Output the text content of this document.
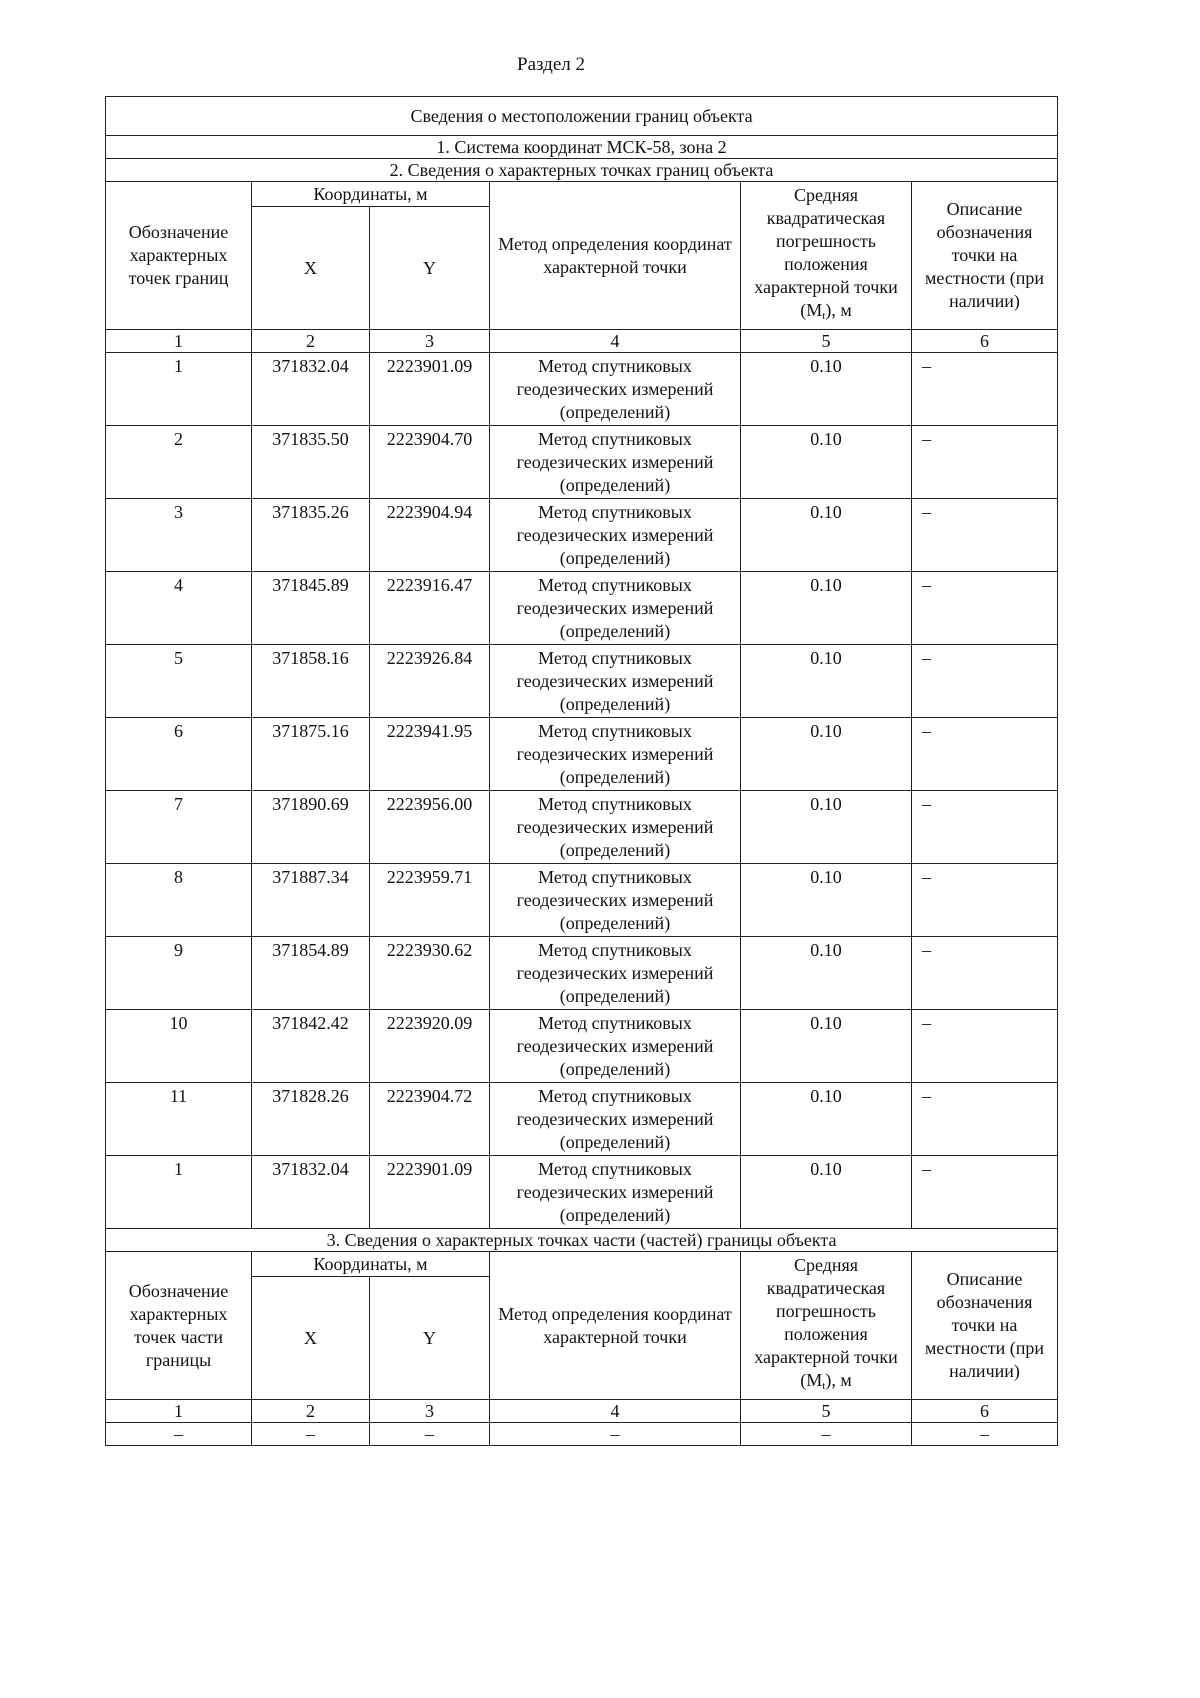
Раздел 2
Сведения о местоположении границ объекта					
1. Система координат МСК-58, зона 2					
2. Сведения о характерных точках границ объекта					
Обозначение характерных точек границ	Координаты, м		Метод определения координат характерной точки	Средняя квадратическая погрешность положения характерной точки $(M_t)$, м	Описание обозначения точки на местности (при наличии)
	X	Y			
1	2	3	4	5	6
1	371832.04	2223901.09	Метод спутниковых геодезических измерений (определений)	0.10	–
2	371835.50	2223904.70	Метод спутниковых геодезических измерений (определений)	0.10	–
3	371835.26	2223904.94	Метод спутниковых геодезических измерений (определений)	0.10	–
4	371845.89	2223916.47	Метод спутниковых геодезических измерений (определений)	0.10	–
5	371858.16	2223926.84	Метод спутниковых геодезических измерений (определений)	0.10	–
6	371875.16	2223941.95	Метод спутниковых геодезических измерений (определений)	0.10	–
7	371890.69	2223956.00	Метод спутниковых геодезических измерений (определений)	0.10	–
8	371887.34	2223959.71	Метод спутниковых геодезических измерений (определений)	0.10	–
9	371854.89	2223930.62	Метод спутниковых геодезических измерений (определений)	0.10	–
10	371842.42	2223920.09	Метод спутниковых геодезических измерений (определений)	0.10	–
11	371828.26	2223904.72	Метод спутниковых геодезических измерений (определений)	0.10	–
1	371832.04	2223901.09	Метод спутниковых геодезических измерений (определений)	0.10	–
3. Сведения о характерных точках части (частей) границы объекта					
Обозначение характерных точек части границы	Координаты, м		Метод определения координат характерной точки	Средняя квадратическая погрешность положения характерной точки $(M_t)$, м	Описание обозначения точки на местности (при наличии)
	X	Y			
1	2	3	4	5	6
–	–	–	–	–	–
